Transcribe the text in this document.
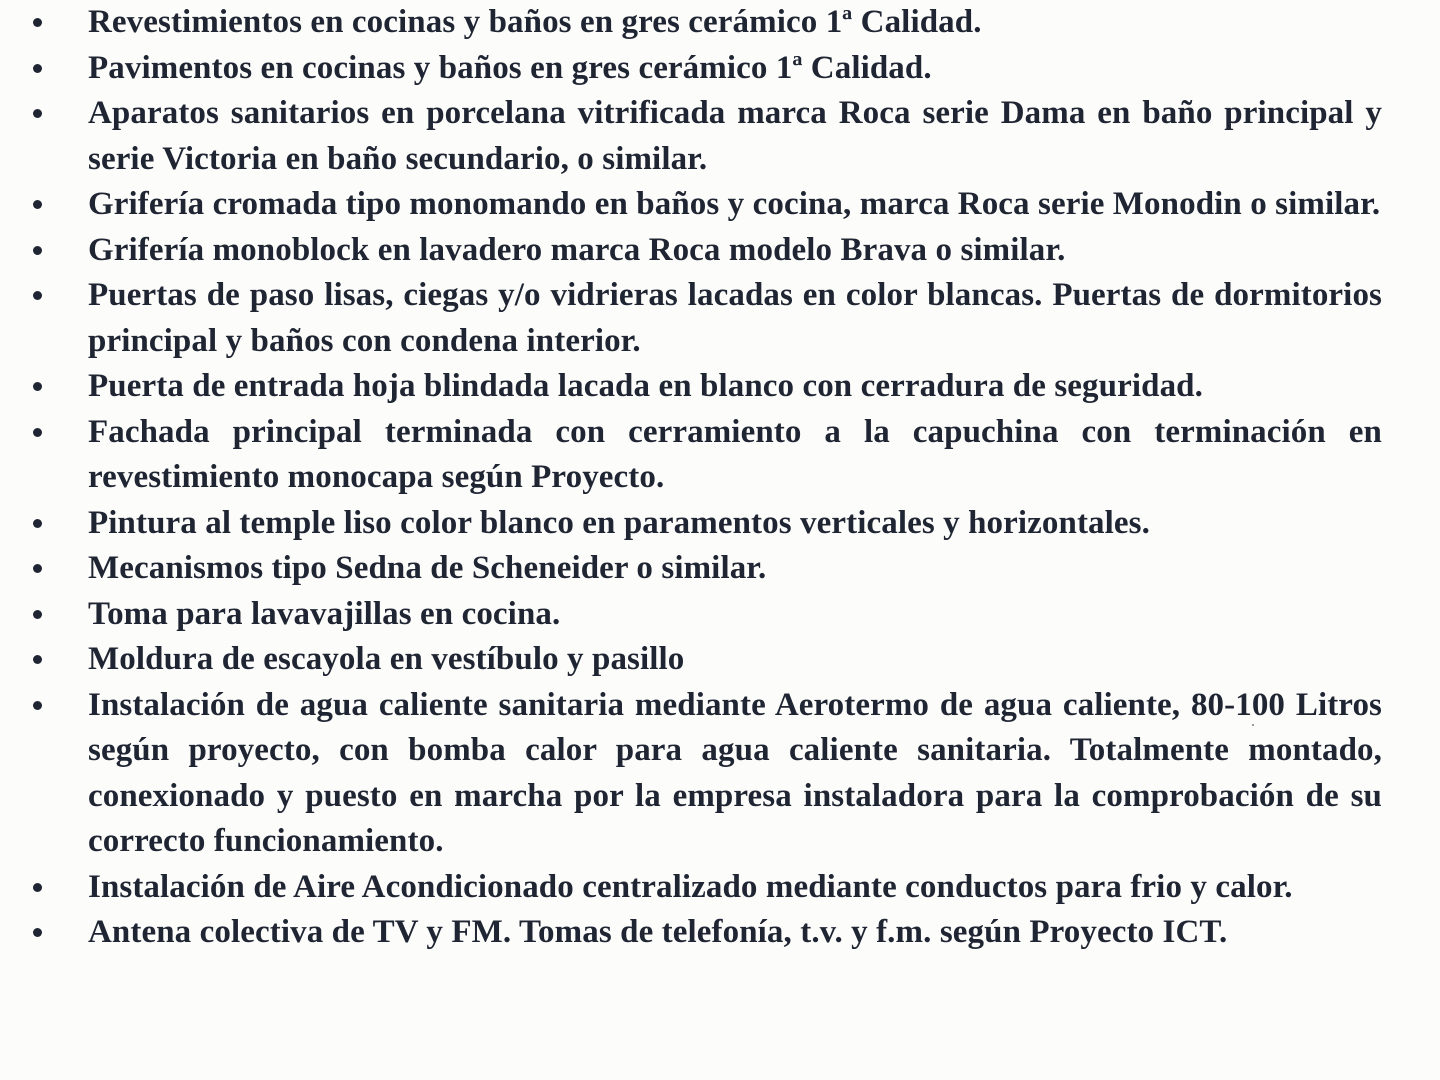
Revestimientos en cocinas y baños en gres cerámico 1ª Calidad.
Pavimentos en cocinas y baños en gres cerámico 1ª Calidad.
Aparatos sanitarios en porcelana vitrificada marca Roca serie Dama en baño principal y serie Victoria en baño secundario, o similar.
Grifería cromada tipo monomando en baños y cocina, marca Roca serie Monodin o similar.
Grifería monoblock en lavadero marca Roca modelo Brava o similar.
Puertas de paso lisas, ciegas y/o vidrieras lacadas en color blancas. Puertas de dormitorios principal y baños con condena interior.
Puerta de entrada hoja blindada lacada en blanco con cerradura de seguridad.
Fachada principal terminada con cerramiento a la capuchina con terminación en revestimiento monocapa según Proyecto.
Pintura al temple liso color blanco en paramentos verticales y horizontales.
Mecanismos tipo Sedna de Scheneider o similar.
Toma para lavavajillas en cocina.
Moldura de escayola en vestíbulo y pasillo
Instalación de agua caliente sanitaria mediante Aerotermo de agua caliente, 80-100 Litros según proyecto, con bomba calor para agua caliente sanitaria. Totalmente montado, conexionado y puesto en marcha por la empresa instaladora para la comprobación de su correcto funcionamiento.
Instalación de Aire Acondicionado centralizado mediante conductos para frio y calor.
Antena colectiva de TV y FM. Tomas de telefonía, t.v. y f.m. según Proyecto ICT.
